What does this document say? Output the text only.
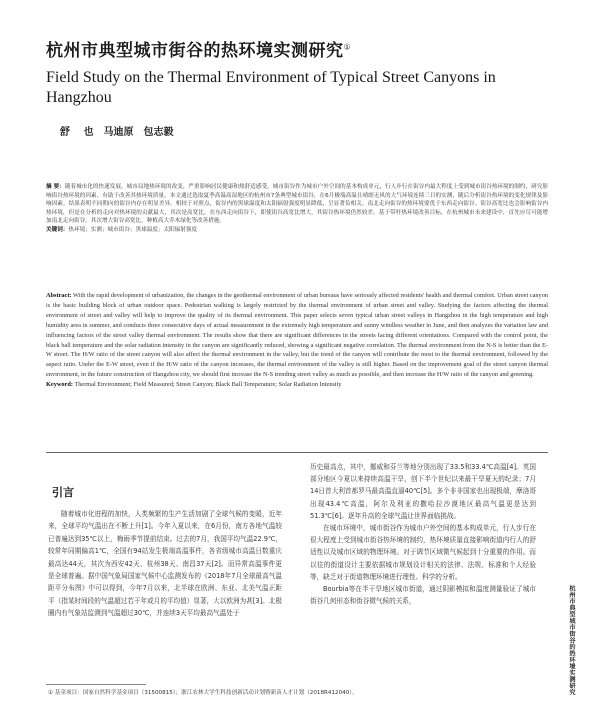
杭州市典型城市街谷的热环境实测研究①
Field Study on the Thermal Environment of Typical Street Canyons in Hangzhou
舒 也　马迪原　包志毅
摘 要：随着城市化的快速发展，城市局地热环境的改变，严重影响居民健康和热舒适感受。城市街谷作为城市户外空间的基本构成单元，行人步行在街谷内最大程度上受到城市街谷热环境的制约，研究影响街谷热环境的因素，有助于改善其热环境质量。本文通过选取夏季高温高湿地区的杭州市7条典型城市街谷，在6月极端高温且晴朗无风的大气环境连续三日的实测，随后分析街谷热环境的变化规律及影响因素。结果表明不同朝向的街谷内存在明显差异，相较于对照点，街谷内的黑球温度和太阳辐射强度明显降低，呈显著负相关。南北走向街谷的热环境要优于东西走向街谷。街谷高宽比也会影响街谷内热环境，但是在分析的走向对热环境的贡献最大，其次是高宽比，在东西走向街谷下，即使街谷高宽比增大，其街谷热环境仍然较差。基于带杆热环境改善目标，在杭州城市未来建设中，首先应尽可能增加南北走向街谷，其次增大街谷高宽比，种植高大乔木绿化等改善措施。
关键词：热环境；实测；城市街谷；黑球温度；太阳辐射强度
Abstract: With the rapid development of urbanization, the changes in the geothermal environment of urban bureaus have seriously affected residents' health and thermal comfort. Urban street canyon is the basic building block of urban outdoor space. Pedestrian walking is largely restricted by the thermal environment of urban street and valley. Studying the factors affecting the thermal environment of street and valley will help to improve the quality of its thermal environment. This paper selects seven typical urban street valleys in Hangzhou in the high temperature and high humidity area in summer, and conducts three consecutive days of actual measurement in the extremely high temperature and sunny windless weather in June, and then analyzes the variation law and influencing factors of the street valley thermal environment. The results show that there are significant differences in the streets facing different orientations. Compared with the control point, the black ball temperature and the solar radiation intensity in the canyon are significantly reduced, showing a significant negative correlation. The thermal environment from the N-S is better than the E-W street. The H/W ratio of the street canyon will also affect the thermal environment in the valley, but the trend of the canyon will contribute the most to the thermal environment, followed by the aspect ratio. Under the E-W street, even if the H/W ratio of the canyon increases, the thermal environment of the valley is still higher. Based on the improvement goal of the street canyon thermal environment, in the future construction of Hangzhou city, we should first increase the N-S trending street valley as much as possible, and then increase the H/W ratio of the canyon and greening.
Keyword: Thermal Environment; Field Measured; Street Canyon; Black Ball Temperature; Solar Radiation Intensity
引言
随着城市化进程的加快，人类频繁的生产生活加剧了全球气候的变暖，近年来，全球平均气温出在不断上升[1]。今年入夏以来，在6月份，南方各地气温较已普遍达到35℃以上，梅雨季节提前结束。过去的7月，我国平均气温22.9℃，较常年同期偏高1℃，全国有94站发生极端高温事件，各省级城市高温日数重庆最高达44天，其次为西安42天、杭州38天、南昌37天[2]。而异常高温事件更是全球普遍。据中国气象局国家气候中心监测发布的《2018年7月全球最高气温距平分布图》中可以得到，今年7月以来，北半球在欧洲、东亚、北美气温正距平（指某时间段的气温超过若干年或月的平均值）显著，大以欧洲为甚[3]。北极圈内有气象站监测到气温超过30℃，并连续3天平均最高气温处于

历史最高点，其中，挪威和芬兰等地分别出现了33.5和33.4℃高温[4]。英国部分地区今夏以来持续高温干旱，创下半个世纪以来最干旱夏天的纪录；7月14日首大利首都罗马最高温直逼40℃[5]。多个非非国家也出现极端，摩洛哥出现43.4℃高温，阿尔及利亚的撒哈拉沙漠地区最高气温更是达到51.3℃[6]。逐年升高的全球气温让世界面临挑战。

在城市环境中，城市街谷作为城市户外空间的基本构成单元，行人步行在很大程度上受到城市街谷热环境的制约，热环境质量直接影响街道内行人的舒适性以及城市区域的物理环境。对于调节区域微气候起到十分重要的作用。而以往的街道设计主要依据城市规划设计相关的法律、法规、标准和个人经验等，缺乏对于街道物理环境进行理性、科学的分析。

Bourbia等在半干旱地区城市街道，通过阴影模拟和温度测量验证了城市街谷几何形态和街谷微气候的关系，	杭州市典型城市街谷的热环境实测研究
① 基金项目：国家自然科学基金项目（31500815）；浙江农林大学生科技创新活动计划暨新苗人才计划（2018R412040）。
